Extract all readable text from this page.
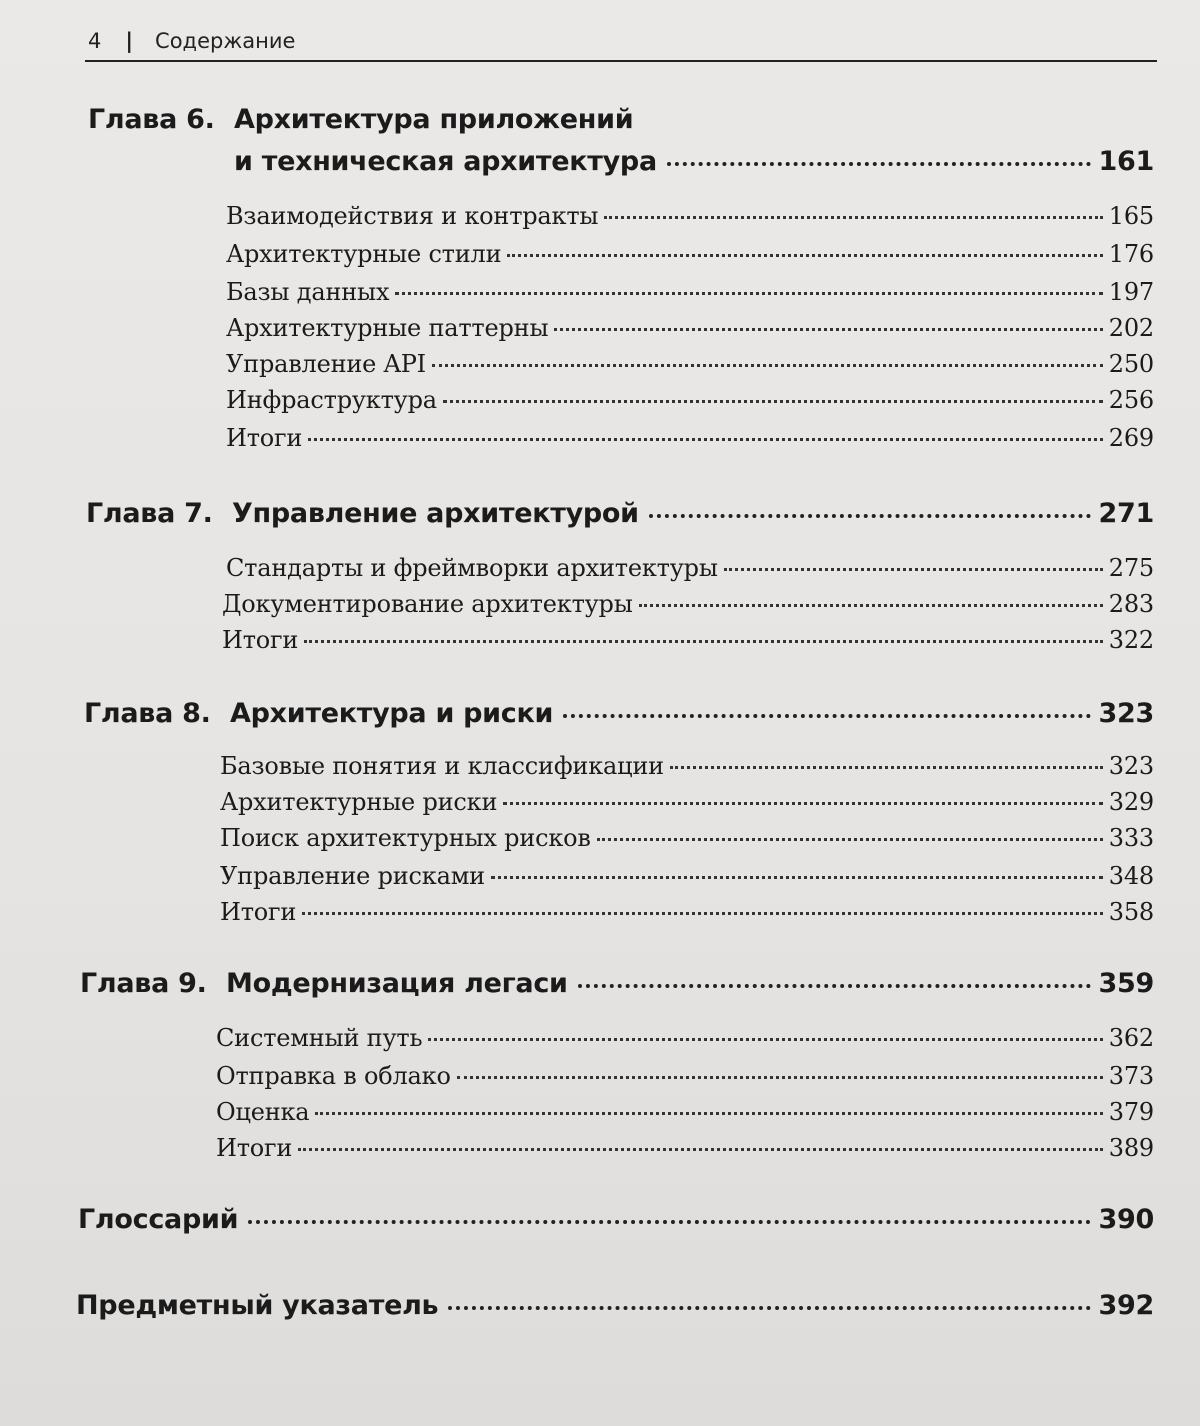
4 | Содержание
Глава 6. Архитектура приложений
и техническая архитектура	161
Взаимодействия и контракты	165
Архитектурные стили	176
Базы данных	197
Архитектурные паттерны	202
Управление API	250
Инфраструктура	256
Итоги	269
Глава 7. Управление архитектурой	271
Стандарты и фреймворки архитектуры	275
Документирование архитектуры	283
Итоги	322
Глава 8. Архитектура и риски	323
Базовые понятия и классификации	323
Архитектурные риски	329
Поиск архитектурных рисков	333
Управление рисками	348
Итоги	358
Глава 9. Модернизация легаси	359
Системный путь	362
Отправка в облако	373
Оценка	379
Итоги	389
Глоссарий	390
Предметный указатель	392
